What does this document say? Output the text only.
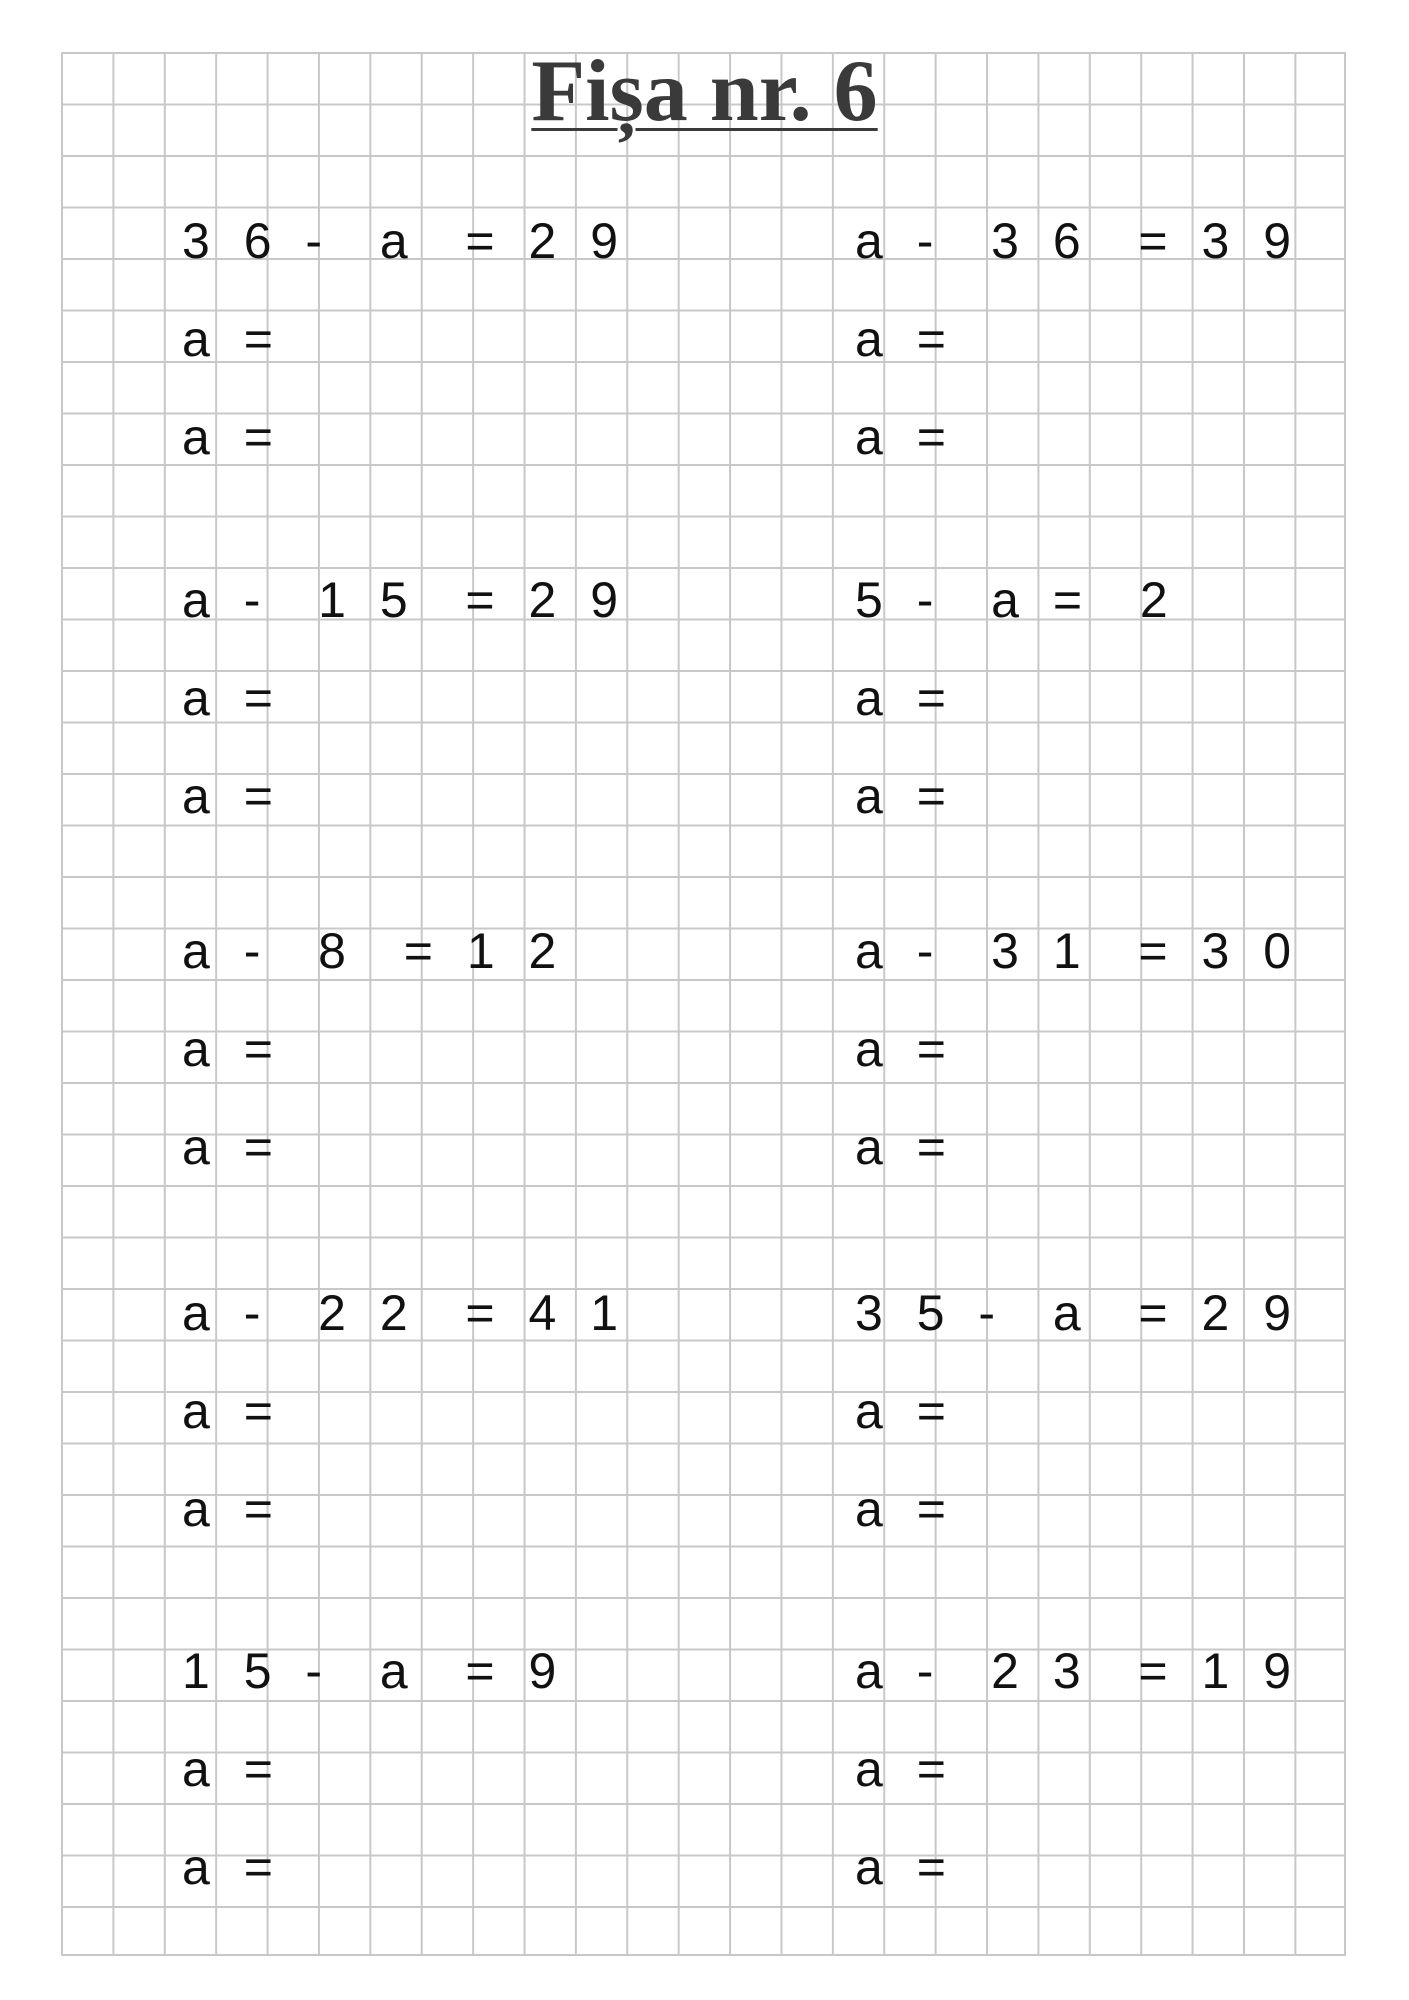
Fișa nr. 6
3 6 -  a  = 2 9
a =
a =
a -  3 6  = 3 9
a =
a =
a -  1 5  = 2 9
a =
a =
5 -  a =  2
a =
a =
a -  8  = 1 2
a =
a =
a -  3 1  = 3 0
a =
a =
a -  2 2  = 4 1
a =
a =
3 5 -  a  = 2 9
a =
a =
1 5 -  a  = 9
a =
a =
a -  2 3  = 1 9
a =
a =
